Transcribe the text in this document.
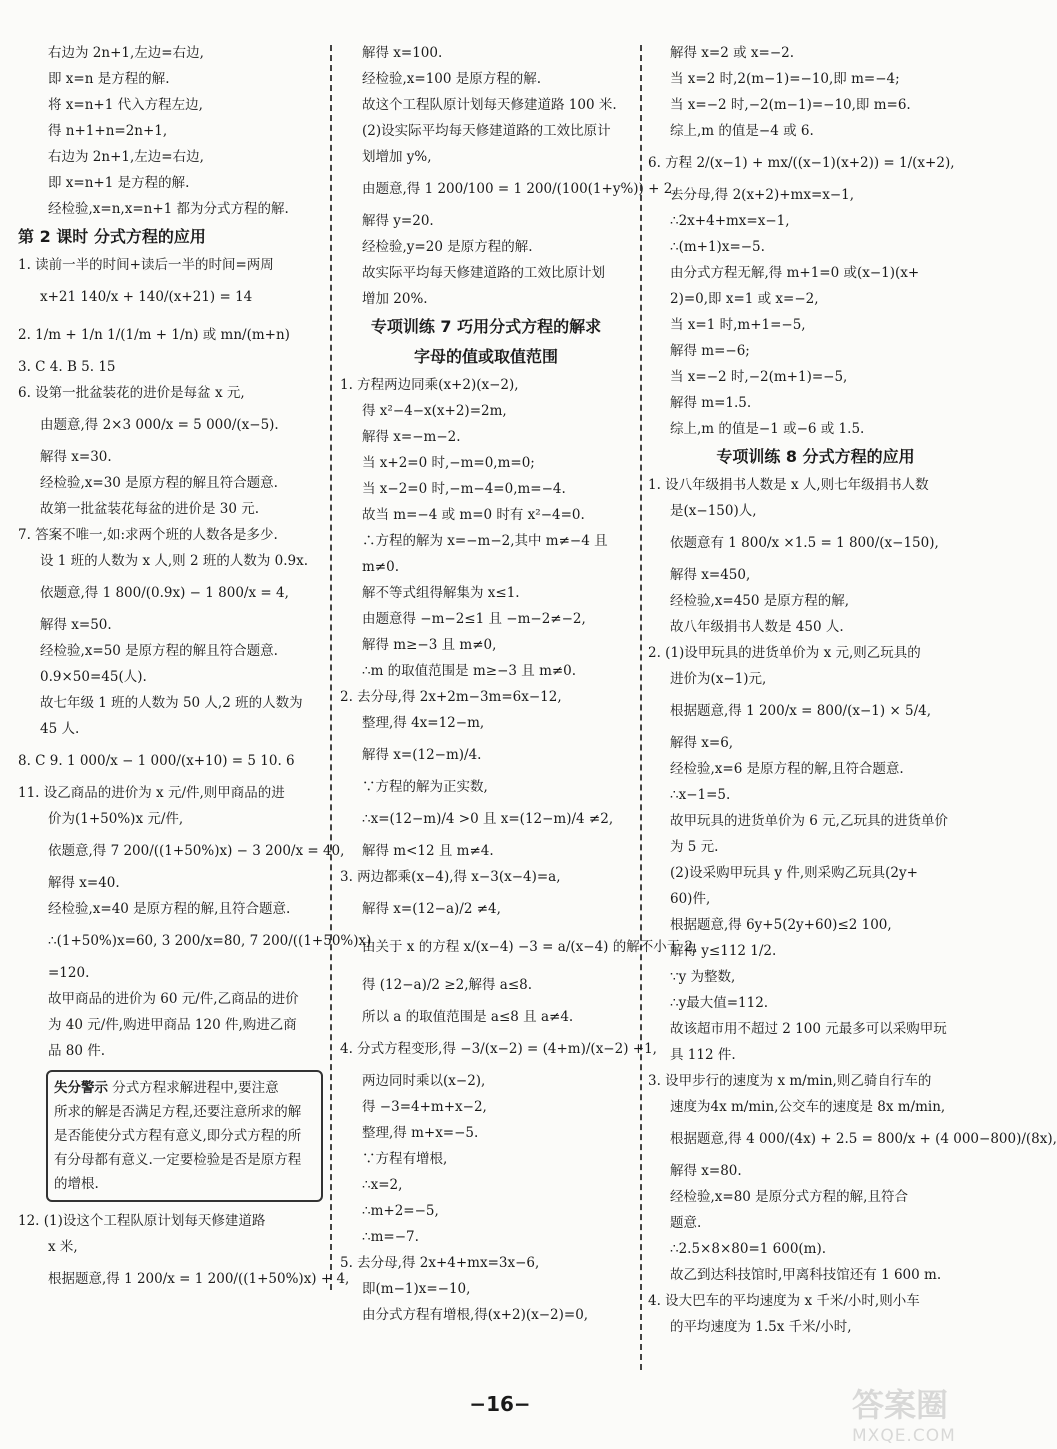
右边为 2n+1,左边=右边,
即 x=n 是方程的解.
将 x=n+1 代入方程左边,
得 n+1+n=2n+1,
右边为 2n+1,左边=右边,
即 x=n+1 是方程的解.
经检验,x=n,x=n+1 都为分式方程的解.
第 2 课时 分式方程的应用
1. 读前一半的时间+读后一半的时间=两周
x+21 140/x + 140/(x+21) = 14
2. 1/m + 1/n 1/(1/m + 1/n) 或 mn/(m+n)
3. C 4. B 5. 15
6. 设第一批盆装花的进价是每盆 x 元,
由题意,得 2×3 000/x = 5 000/(x−5).
解得 x=30.
经检验,x=30 是原方程的解且符合题意.
故第一批盆装花每盆的进价是 30 元.
7. 答案不唯一,如:求两个班的人数各是多少.
设 1 班的人数为 x 人,则 2 班的人数为 0.9x.
依题意,得 1 800/(0.9x) − 1 800/x = 4,
解得 x=50.
经检验,x=50 是原方程的解且符合题意.
0.9×50=45(人).
故七年级 1 班的人数为 50 人,2 班的人数为
45 人.
8. C 9. 1 000/x − 1 000/(x+10) = 5 10. 6
11. 设乙商品的进价为 x 元/件,则甲商品的进
价为(1+50%)x 元/件,
依题意,得 7 200/((1+50%)x) − 3 200/x = 40,
解得 x=40.
经检验,x=40 是原方程的解,且符合题意.
∴(1+50%)x=60, 3 200/x=80, 7 200/((1+50%)x)
=120.
故甲商品的进价为 60 元/件,乙商品的进价
为 40 元/件,购进甲商品 120 件,购进乙商
品 80 件.
失分警示 分式方程求解进程中,要注意
所求的解是否满足方程,还要注意所求的解
是否能使分式方程有意义,即分式方程的所
有分母都有意义.一定要检验是否是原方程
的增根.
12. (1)设这个工程队原计划每天修建道路
x 米,
根据题意,得 1 200/x = 1 200/((1+50%)x) + 4,
解得 x=100.
经检验,x=100 是原方程的解.
故这个工程队原计划每天修建道路 100 米.
(2)设实际平均每天修建道路的工效比原计
划增加 y%,
由题意,得 1 200/100 = 1 200/(100(1+y%)) + 2,
解得 y=20.
经检验,y=20 是原方程的解.
故实际平均每天修建道路的工效比原计划
增加 20%.
专项训练 7 巧用分式方程的解求
字母的值或取值范围
1. 方程两边同乘(x+2)(x−2),
得 x²−4−x(x+2)=2m,
解得 x=−m−2.
当 x+2=0 时,−m=0,m=0;
当 x−2=0 时,−m−4=0,m=−4.
故当 m=−4 或 m=0 时有 x²−4=0.
∴方程的解为 x=−m−2,其中 m≠−4 且
m≠0.
解不等式组得解集为 x≤1.
由题意得 −m−2≤1 且 −m−2≠−2,
解得 m≥−3 且 m≠0,
∴m 的取值范围是 m≥−3 且 m≠0.
2. 去分母,得 2x+2m−3m=6x−12,
整理,得 4x=12−m,
解得 x=(12−m)/4.
∵方程的解为正实数,
∴x=(12−m)/4 >0 且 x=(12−m)/4 ≠2,
解得 m<12 且 m≠4.
3. 两边都乘(x−4),得 x−3(x−4)=a,
解得 x=(12−a)/2 ≠4,
由关于 x 的方程 x/(x−4) −3 = a/(x−4) 的解不小于 2,
得 (12−a)/2 ≥2,解得 a≤8.
所以 a 的取值范围是 a≤8 且 a≠4.
4. 分式方程变形,得 −3/(x−2) = (4+m)/(x−2) +1,
两边同时乘以(x−2),
得 −3=4+m+x−2,
整理,得 m+x=−5.
∵方程有增根,
∴x=2,
∴m+2=−5,
∴m=−7.
5. 去分母,得 2x+4+mx=3x−6,
即(m−1)x=−10,
由分式方程有增根,得(x+2)(x−2)=0,
解得 x=2 或 x=−2.
当 x=2 时,2(m−1)=−10,即 m=−4;
当 x=−2 时,−2(m−1)=−10,即 m=6.
综上,m 的值是−4 或 6.
6. 方程 2/(x−1) + mx/((x−1)(x+2)) = 1/(x+2),
去分母,得 2(x+2)+mx=x−1,
∴2x+4+mx=x−1,
∴(m+1)x=−5.
由分式方程无解,得 m+1=0 或(x−1)(x+
2)=0,即 x=1 或 x=−2,
当 x=1 时,m+1=−5,
解得 m=−6;
当 x=−2 时,−2(m+1)=−5,
解得 m=1.5.
综上,m 的值是−1 或−6 或 1.5.
专项训练 8 分式方程的应用
1. 设八年级捐书人数是 x 人,则七年级捐书人数
是(x−150)人,
依题意有 1 800/x ×1.5 = 1 800/(x−150),
解得 x=450,
经检验,x=450 是原方程的解,
故八年级捐书人数是 450 人.
2. (1)设甲玩具的进货单价为 x 元,则乙玩具的
进价为(x−1)元,
根据题意,得 1 200/x = 800/(x−1) × 5/4,
解得 x=6,
经检验,x=6 是原方程的解,且符合题意.
∴x−1=5.
故甲玩具的进货单价为 6 元,乙玩具的进货单价
为 5 元.
(2)设采购甲玩具 y 件,则采购乙玩具(2y+
60)件,
根据题意,得 6y+5(2y+60)≤2 100,
解得 y≤112 1/2.
∵y 为整数,
∴y最大值=112.
故该超市用不超过 2 100 元最多可以采购甲玩
具 112 件.
3. 设甲步行的速度为 x m/min,则乙骑自行车的
速度为4x m/min,公交车的速度是 8x m/min,
根据题意,得 4 000/(4x) + 2.5 = 800/x + (4 000−800)/(8x),
解得 x=80.
经检验,x=80 是原分式方程的解,且符合
题意.
∴2.5×8×80=1 600(m).
故乙到达科技馆时,甲离科技馆还有 1 600 m.
4. 设大巴车的平均速度为 x 千米/小时,则小车
的平均速度为 1.5x 千米/小时,
−16−	答案圈
MXQE.COM
